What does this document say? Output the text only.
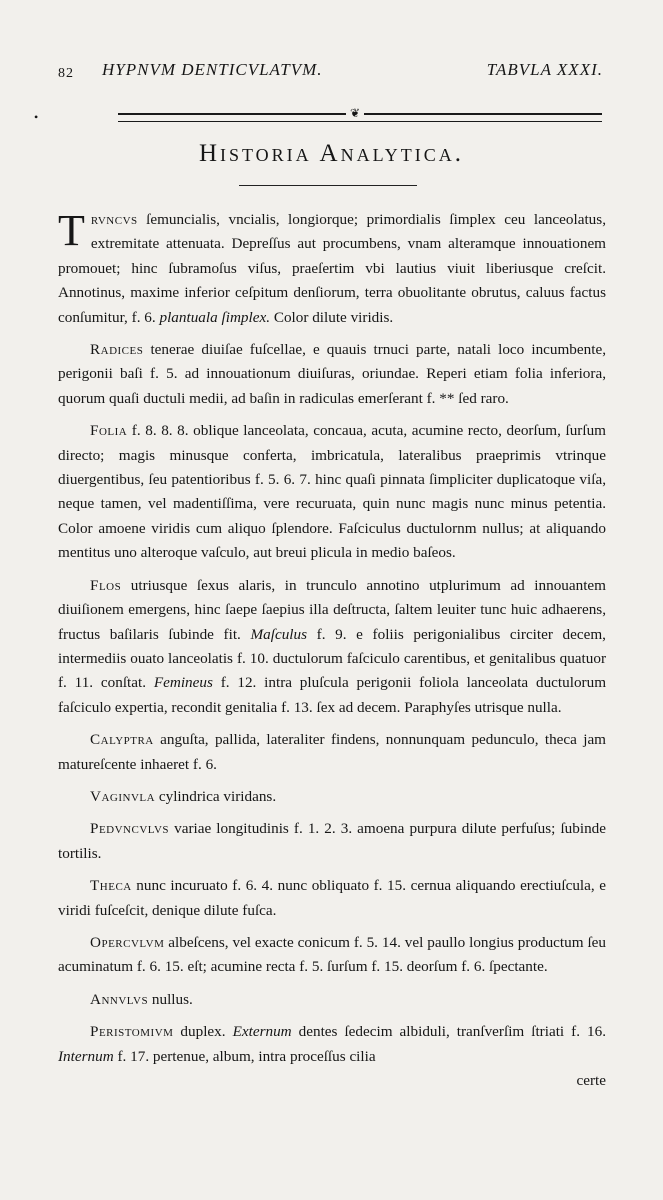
82 HYPNVM DENTICVLATVM.	TABVLA XXXI.
•	❦
Historia Analytica.

Trvncvs ſemuncialis, vncialis, longiorque; primordialis ſimplex ceu lanceolatus, extremitate attenuata. Depreſſus aut procumbens, vnam alteramque innouationem promouet; hinc ſubramoſus viſus, praeſertim vbi lautius viuit liberiusque creſcit. Annotinus, maxime inferior ceſpitum denſiorum, terra obuolitante obrutus, caluus factus conſumitur, f. 6. plantuala ſimplex. Color dilute viridis.

Radices tenerae diuiſae fuſcellae, e quauis trnuci parte, natali loco incumbente, perigonii baſi f. 5. ad innouationum diuiſuras, oriundae. Reperi etiam folia inferiora, quorum quaſi ductuli medii, ad baſin in radiculas emerſerant f. ** ſed raro.

Folia f. 8. 8. 8. oblique lanceolata, concaua, acuta, acumine recto, deorſum, ſurſum directo; magis minusque conferta, imbricatula, lateralibus praeprimis vtrinque diuergentibus, ſeu patentioribus f. 5. 6. 7. hinc quaſi pinnata ſimpliciter duplicatoque viſa, neque tamen, vel madentiſſima, vere recuruata, quin nunc magis nunc minus petentia. Color amoene viridis cum aliquo ſplendore. Faſciculus ductulornm nullus; at aliquando mentitus uno alteroque vaſculo, aut breui plicula in medio baſeos.

Flos utriusque ſexus alaris, in trunculo annotino utplurimum ad innouantem diuiſionem emergens, hinc ſaepe ſaepius illa deſtructa, ſaltem leuiter tunc huic adhaerens, fructus baſilaris ſubinde fit. Maſculus f. 9. e foliis perigonialibus circiter decem, intermediis ouato lanceolatis f. 10. ductulorum faſciculo carentibus, et genitalibus quatuor f. 11. conſtat. Femineus f. 12. intra pluſcula perigonii foliola lanceolata ductulorum faſciculo expertia, recondit genitalia f. 13. ſex ad decem. Paraphyſes utrisque nulla.

Calyptra anguſta, pallida, lateraliter findens, nonnunquam pedunculo, theca jam matureſcente inhaeret f. 6.

Vaginvla cylindrica viridans.

Pedvncvlvs variae longitudinis f. 1. 2. 3. amoena purpura dilute perfuſus; ſubinde tortilis.

Theca nunc incuruato f. 6. 4. nunc obliquato f. 15. cernua aliquando erectiuſcula, e viridi fuſceſcit, denique dilute fuſca.

Opercvlvm albeſcens, vel exacte conicum f. 5. 14. vel paullo longius productum ſeu acuminatum f. 6. 15. eſt; acumine recta f. 5. ſurſum f. 15. deorſum f. 6. ſpectante.

Annvlvs nullus.

Peristomivm duplex. Externum dentes ſedecim albiduli, tranſverſim ſtriati f. 16. Internum f. 17. pertenue, album, intra proceſſus cilia

certe
